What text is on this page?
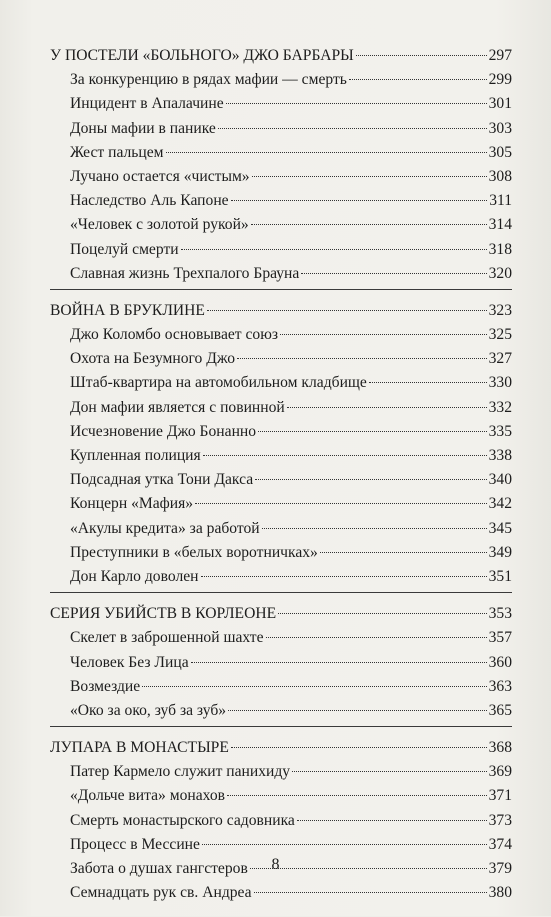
У ПОСТЕЛИ «БОЛЬНОГО» ДЖО БАРБАРЫ	297
За конкуренцию в рядах мафии — смерть	299
Инцидент в Апалачине	301
Доны мафии в панике	303
Жест пальцем	305
Лучано остается «чистым»	308
Наследство Аль Капоне	311
«Человек с золотой рукой»	314
Поцелуй смерти	318
Славная жизнь Трехпалого Брауна	320
ВОЙНА В БРУКЛИНЕ	323
Джо Коломбо основывает союз	325
Охота на Безумного Джо	327
Штаб-квартира на автомобильном кладбище	330
Дон мафии является с повинной	332
Исчезновение Джо Бонанно	335
Купленная полиция	338
Подсадная утка Тони Дакса	340
Концерн «Мафия»	342
«Акулы кредита» за работой	345
Преступники в «белых воротничках»	349
Дон Карло доволен	351
СЕРИЯ УБИЙСТВ В КОРЛЕОНЕ	353
Скелет в заброшенной шахте	357
Человек Без Лица	360
Возмездие	363
«Око за око, зуб за зуб»	365
ЛУПАРА В МОНАСТЫРЕ	368
Патер Кармело служит панихиду	369
«Дольче вита» монахов	371
Смерть монастырского садовника	373
Процесс в Мессине	374
Забота о душах гангстеров	379
Семнадцать рук св. Андреа	380
8
